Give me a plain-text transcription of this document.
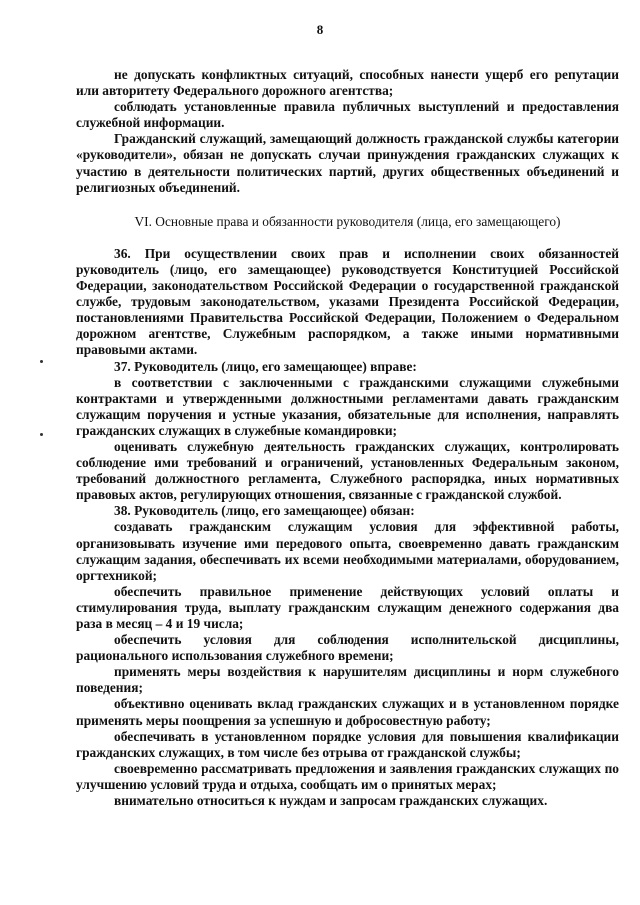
8

не допускать конфликтных ситуаций, способных нанести ущерб его репутации или авторитету Федерального дорожного агентства;

соблюдать установленные правила публичных выступлений и предоставления служебной информации.

Гражданский служащий, замещающий должность гражданской службы категории «руководители», обязан не допускать случаи принуждения гражданских служащих к участию в деятельности политических партий, других общественных объединений и религиозных объединений.

VI. Основные права и обязанности руководителя (лица, его замещающего)

36. При осуществлении своих прав и исполнении своих обязанностей руководитель (лицо, его замещающее) руководствуется Конституцией Российской Федерации, законодательством Российской Федерации о государственной гражданской службе, трудовым законодательством, указами Президента Российской Федерации, постановлениями Правительства Российской Федерации, Положением о Федеральном дорожном агентстве, Служебным распорядком, а также иными нормативными правовыми актами.

37. Руководитель (лицо, его замещающее) вправе:

в соответствии с заключенными с гражданскими служащими служебными контрактами и утвержденными должностными регламентами давать гражданским служащим поручения и устные указания, обязательные для исполнения, направлять гражданских служащих в служебные командировки;

оценивать служебную деятельность гражданских служащих, контролировать соблюдение ими требований и ограничений, установленных Федеральным законом, требований должностного регламента, Служебного распорядка, иных нормативных правовых актов, регулирующих отношения, связанные с гражданской службой.

38. Руководитель (лицо, его замещающее) обязан:

создавать гражданским служащим условия для эффективной работы, организовывать изучение ими передового опыта, своевременно давать гражданским служащим задания, обеспечивать их всеми необходимыми материалами, оборудованием, оргтехникой;

обеспечить правильное применение действующих условий оплаты и стимулирования труда, выплату гражданским служащим денежного содержания два раза в месяц – 4 и 19 числа;

обеспечить условия для соблюдения исполнительской дисциплины, рационального использования служебного времени;

применять меры воздействия к нарушителям дисциплины и норм служебного поведения;

объективно оценивать вклад гражданских служащих и в установленном порядке применять меры поощрения за успешную и добросовестную работу;

обеспечивать в установленном порядке условия для повышения квалификации гражданских служащих, в том числе без отрыва от гражданской службы;

своевременно рассматривать предложения и заявления гражданских служащих по улучшению условий труда и отдыха, сообщать им о принятых мерах;

внимательно относиться к нуждам и запросам гражданских служащих.
